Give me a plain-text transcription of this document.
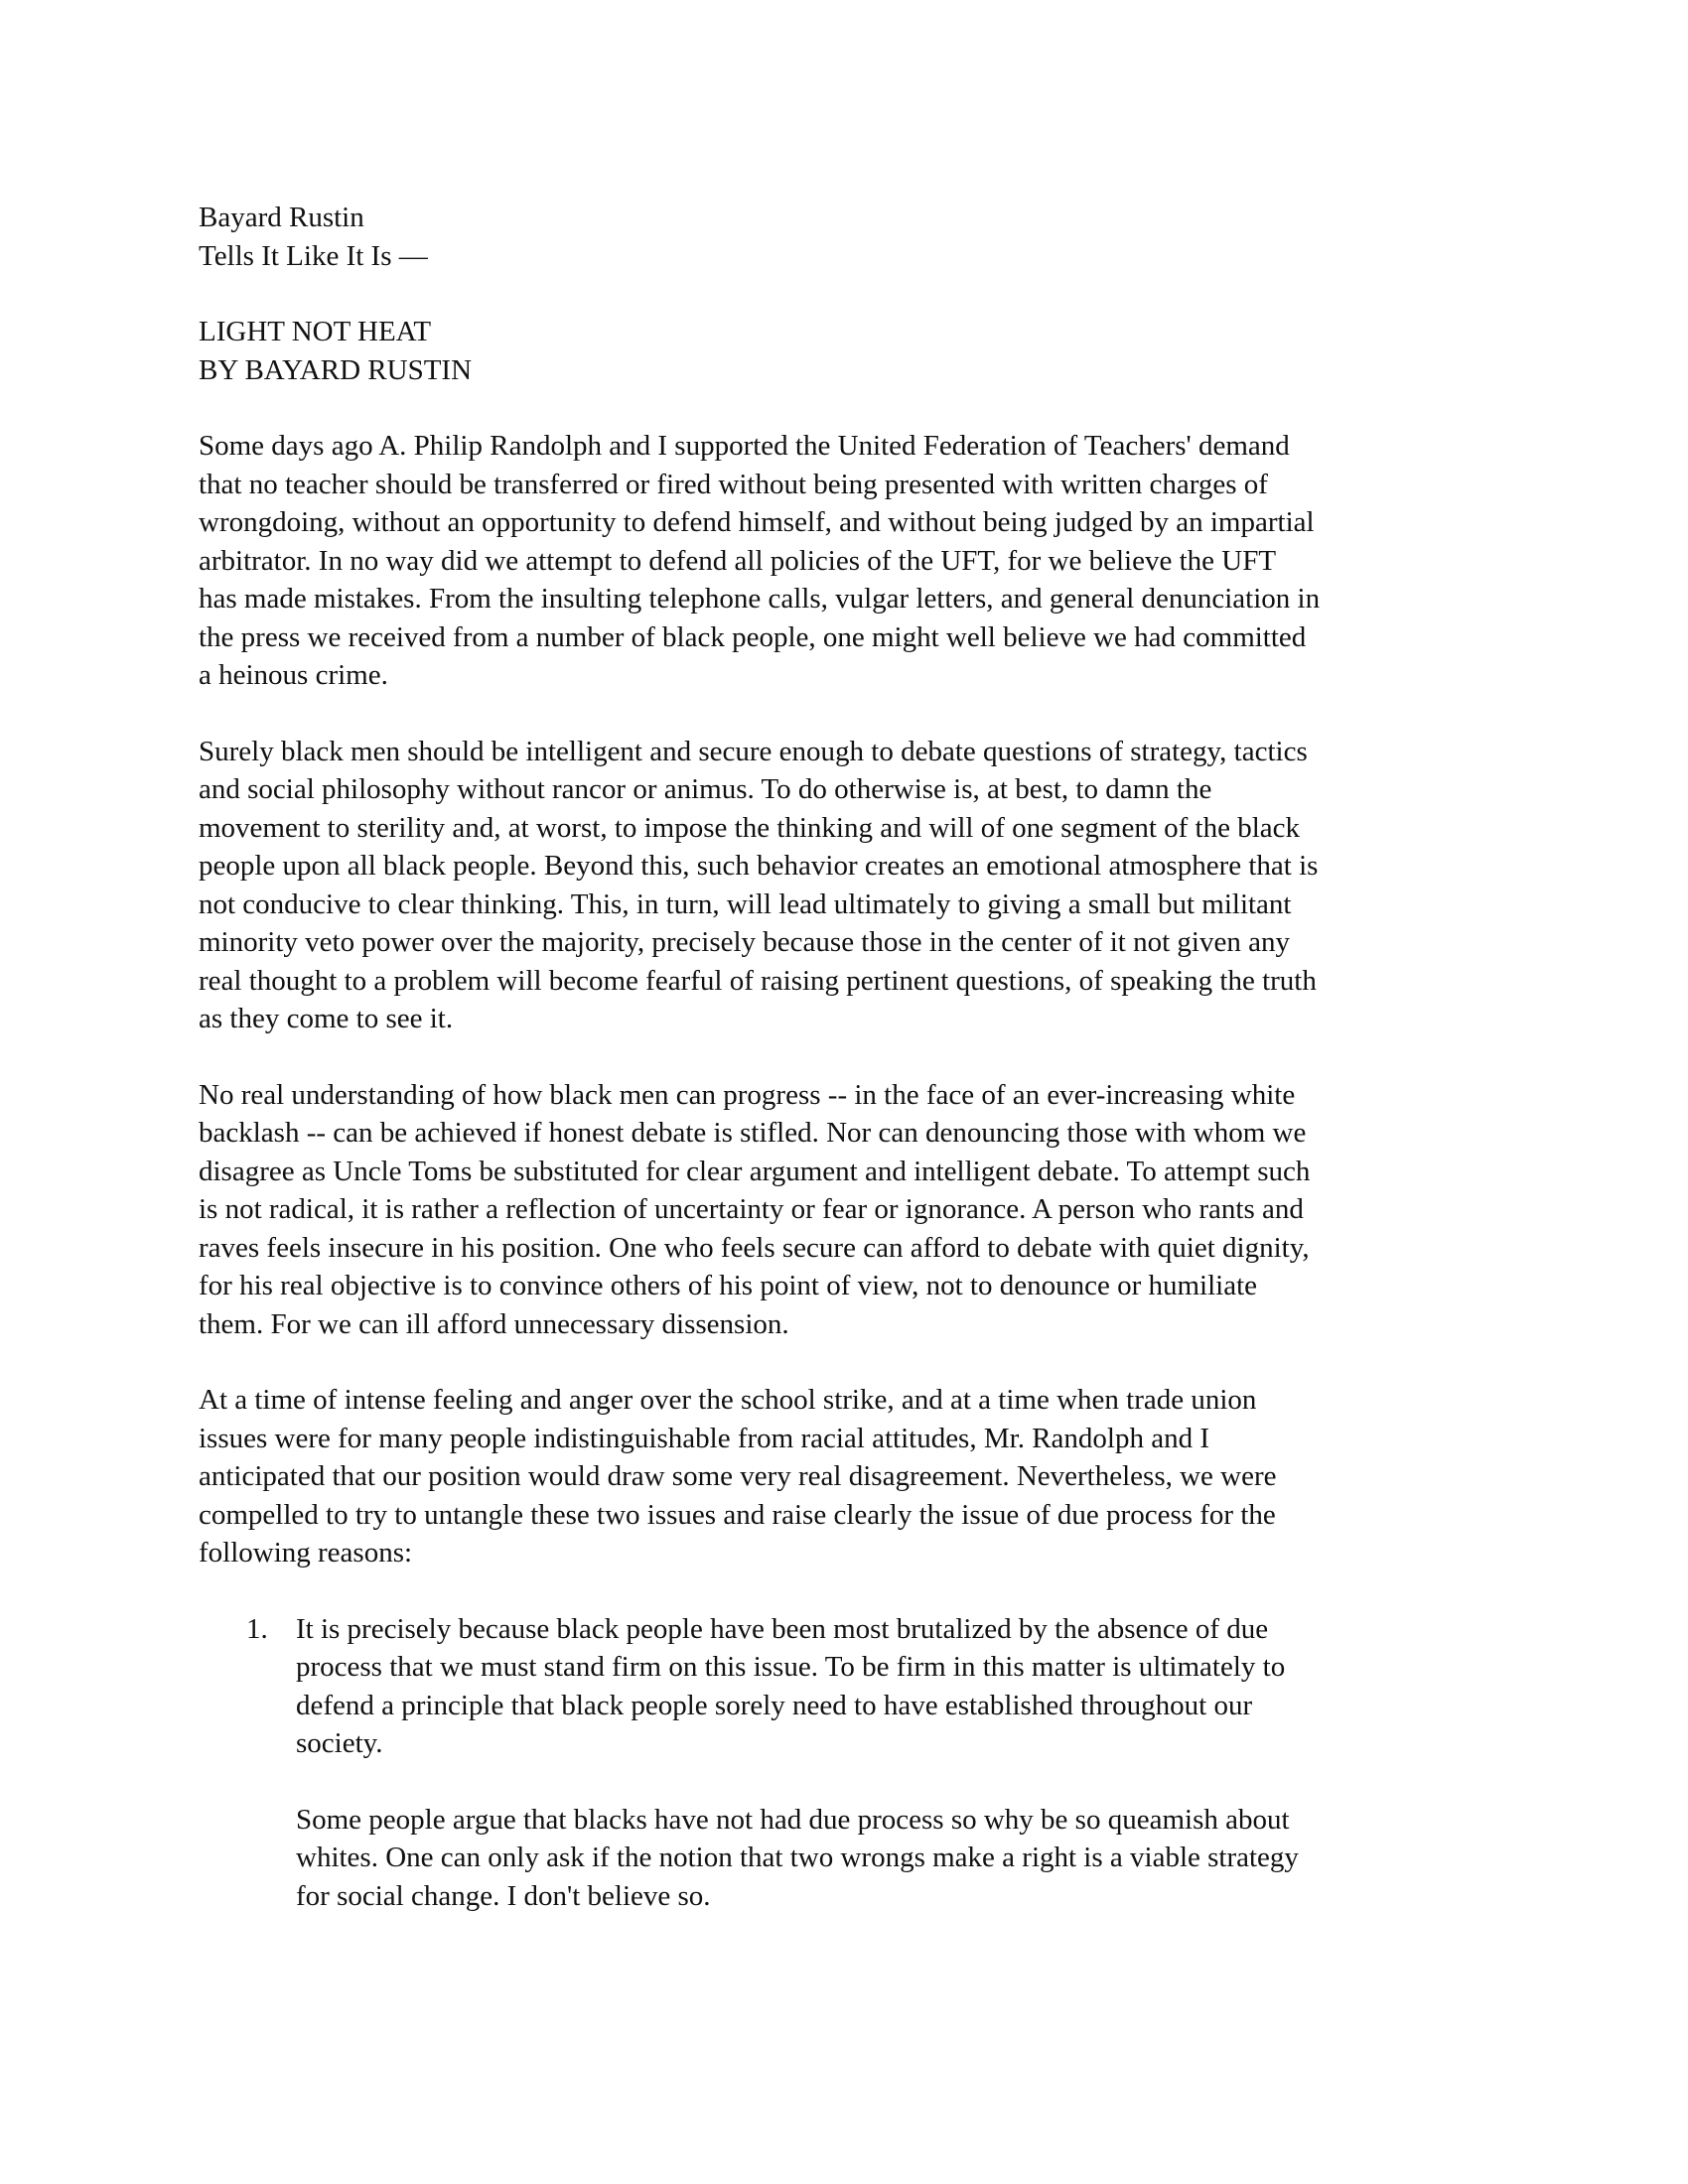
Bayard Rustin

Tells It Like It Is —

LIGHT NOT HEAT

BY BAYARD RUSTIN

Some days ago A. Philip Randolph and I supported the United Federation of Teachers' demand

that no teacher should be transferred or fired without being presented with written charges of

wrongdoing, without an opportunity to defend himself, and without being judged by an impartial

arbitrator. In no way did we attempt to defend all policies of the UFT, for we believe the UFT

has made mistakes. From the insulting telephone calls, vulgar letters, and general denunciation in

the press we received from a number of black people, one might well believe we had committed

a heinous crime.

Surely black men should be intelligent and secure enough to debate questions of strategy, tactics

and social philosophy without rancor or animus. To do otherwise is, at best, to damn the

movement to sterility and, at worst, to impose the thinking and will of one segment of the black

people upon all black people. Beyond this, such behavior creates an emotional atmosphere that is

not conducive to clear thinking. This, in turn, will lead ultimately to giving a small but militant

minority veto power over the majority, precisely because those in the center of it not given any

real thought to a problem will become fearful of raising pertinent questions, of speaking the truth

as they come to see it.

No real understanding of how black men can progress -- in the face of an ever-increasing white

backlash -- can be achieved if honest debate is stifled. Nor can denouncing those with whom we

disagree as Uncle Toms be substituted for clear argument and intelligent debate. To attempt such

is not radical, it is rather a reflection of uncertainty or fear or ignorance. A person who rants and

raves feels insecure in his position. One who feels secure can afford to debate with quiet dignity,

for his real objective is to convince others of his point of view, not to denounce or humiliate

them. For we can ill afford unnecessary dissension.

At a time of intense feeling and anger over the school strike, and at a time when trade union

issues were for many people indistinguishable from racial attitudes, Mr. Randolph and I

anticipated that our position would draw some very real disagreement. Nevertheless, we were

compelled to try to untangle these two issues and raise clearly the issue of due process for the

following reasons:

1. It is precisely because black people have been most brutalized by the absence of due

process that we must stand firm on this issue. To be firm in this matter is ultimately to

defend a principle that black people sorely need to have established throughout our

society.

Some people argue that blacks have not had due process so why be so queamish about

whites. One can only ask if the notion that two wrongs make a right is a viable strategy

for social change. I don't believe so.
